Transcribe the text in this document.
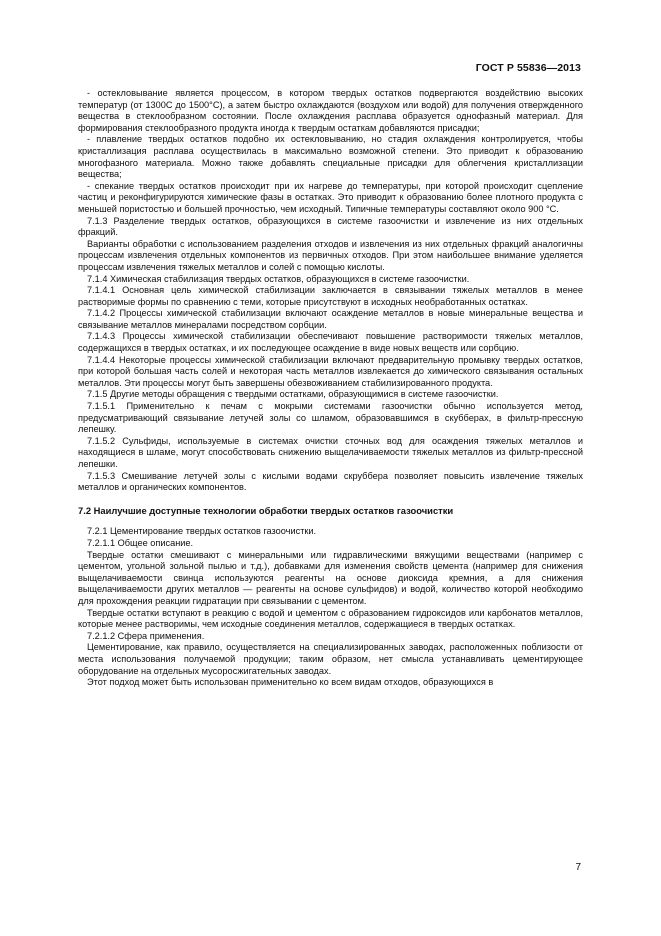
ГОСТ Р 55836—2013

- остекловывание является процессом, в котором твердых остатков подвергаются воздействию высоких температур (от 1300С до 1500°C), а затем быстро охлаждаются (воздухом или водой) для получения отвержденного вещества в стеклообразном состоянии. После охлаждения расплава образуется однофазный материал. Для формирования стеклообразного продукта иногда к твердым остаткам добавляются присадки;

- плавление твердых остатков подобно их остекловыванию, но стадия охлаждения контролируется, чтобы кристаллизация расплава осуществилась в максимально возможной степени. Это приводит к образованию многофазного материала. Можно также добавлять специальные присадки для облегчения кристаллизации вещества;

- спекание твердых остатков происходит при их нагреве до температуры, при которой происходит сцепление частиц и реконфигурируются химические фазы в остатках. Это приводит к образованию более плотного продукта с меньшей пористостью и большей прочностью, чем исходный. Типичные температуры составляют около 900 °С.

7.1.3 Разделение твердых остатков, образующихся в системе газоочистки и извлечение из них отдельных фракций.

Варианты обработки с использованием разделения отходов и извлечения из них отдельных фракций аналогичны процессам извлечения отдельных компонентов из первичных отходов. При этом наибольшее внимание уделяется процессам извлечения тяжелых металлов и солей с помощью кислоты.

7.1.4 Химическая стабилизация твердых остатков, образующихся в системе газоочистки.

7.1.4.1 Основная цель химической стабилизации заключается в связывании тяжелых металлов в менее растворимые формы по сравнению с теми, которые присутствуют в исходных необработанных остатках.

7.1.4.2 Процессы химической стабилизации включают осаждение металлов в новые минеральные вещества и связывание металлов минералами посредством сорбции.

7.1.4.3 Процессы химической стабилизации обеспечивают повышение растворимости тяжелых металлов, содержащихся в твердых остатках, и их последующее осаждение в виде новых веществ или сорбцию.

7.1.4.4 Некоторые процессы химической стабилизации включают предварительную промывку твердых остатков, при которой большая часть солей и некоторая часть металлов извлекается до химического связывания остальных металлов. Эти процессы могут быть завершены обезвоживанием стабилизированного продукта.

7.1.5 Другие методы обращения с твердыми остатками, образующимися в системе газоочистки.

7.1.5.1 Применительно к печам с мокрыми системами газоочистки обычно используется метод, предусматривающий связывание летучей золы со шламом, образовавшимся в скубберах, в фильтр-прессную лепешку.

7.1.5.2 Сульфиды, используемые в системах очистки сточных вод для осаждения тяжелых металлов и находящиеся в шламе, могут способствовать снижению выщелачиваемости тяжелых металлов из фильтр-прессной лепешки.

7.1.5.3 Смешивание летучей золы с кислыми водами скруббера позволяет повысить извлечение тяжелых металлов и органических компонентов.

7.2 Наилучшие доступные технологии обработки твердых остатков газоочистки

7.2.1 Цементирование твердых остатков газоочистки.

7.2.1.1 Общее описание.

Твердые остатки смешивают с минеральными или гидравлическими вяжущими веществами (например с цементом, угольной зольной пылью и т.д.), добавками для изменения свойств цемента (например для снижения выщелачиваемости свинца используются реагенты на основе диоксида кремния, а для снижения выщелачиваемости других металлов — реагенты на основе сульфидов) и водой, количество которой необходимо для прохождения реакции гидратации при связывании с цементом.

Твердые остатки вступают в реакцию с водой и цементом с образованием гидроксидов или карбонатов металлов, которые менее растворимы, чем исходные соединения металлов, содержащиеся в твердых остатках.

7.2.1.2 Сфера применения.

Цементирование, как правило, осуществляется на специализированных заводах, расположенных поблизости от места использования получаемой продукции; таким образом, нет смысла устанавливать цементирующее оборудование на отдельных мусоросжигательных заводах.

Этот подход может быть использован применительно ко всем видам отходов, образующихся в

7
